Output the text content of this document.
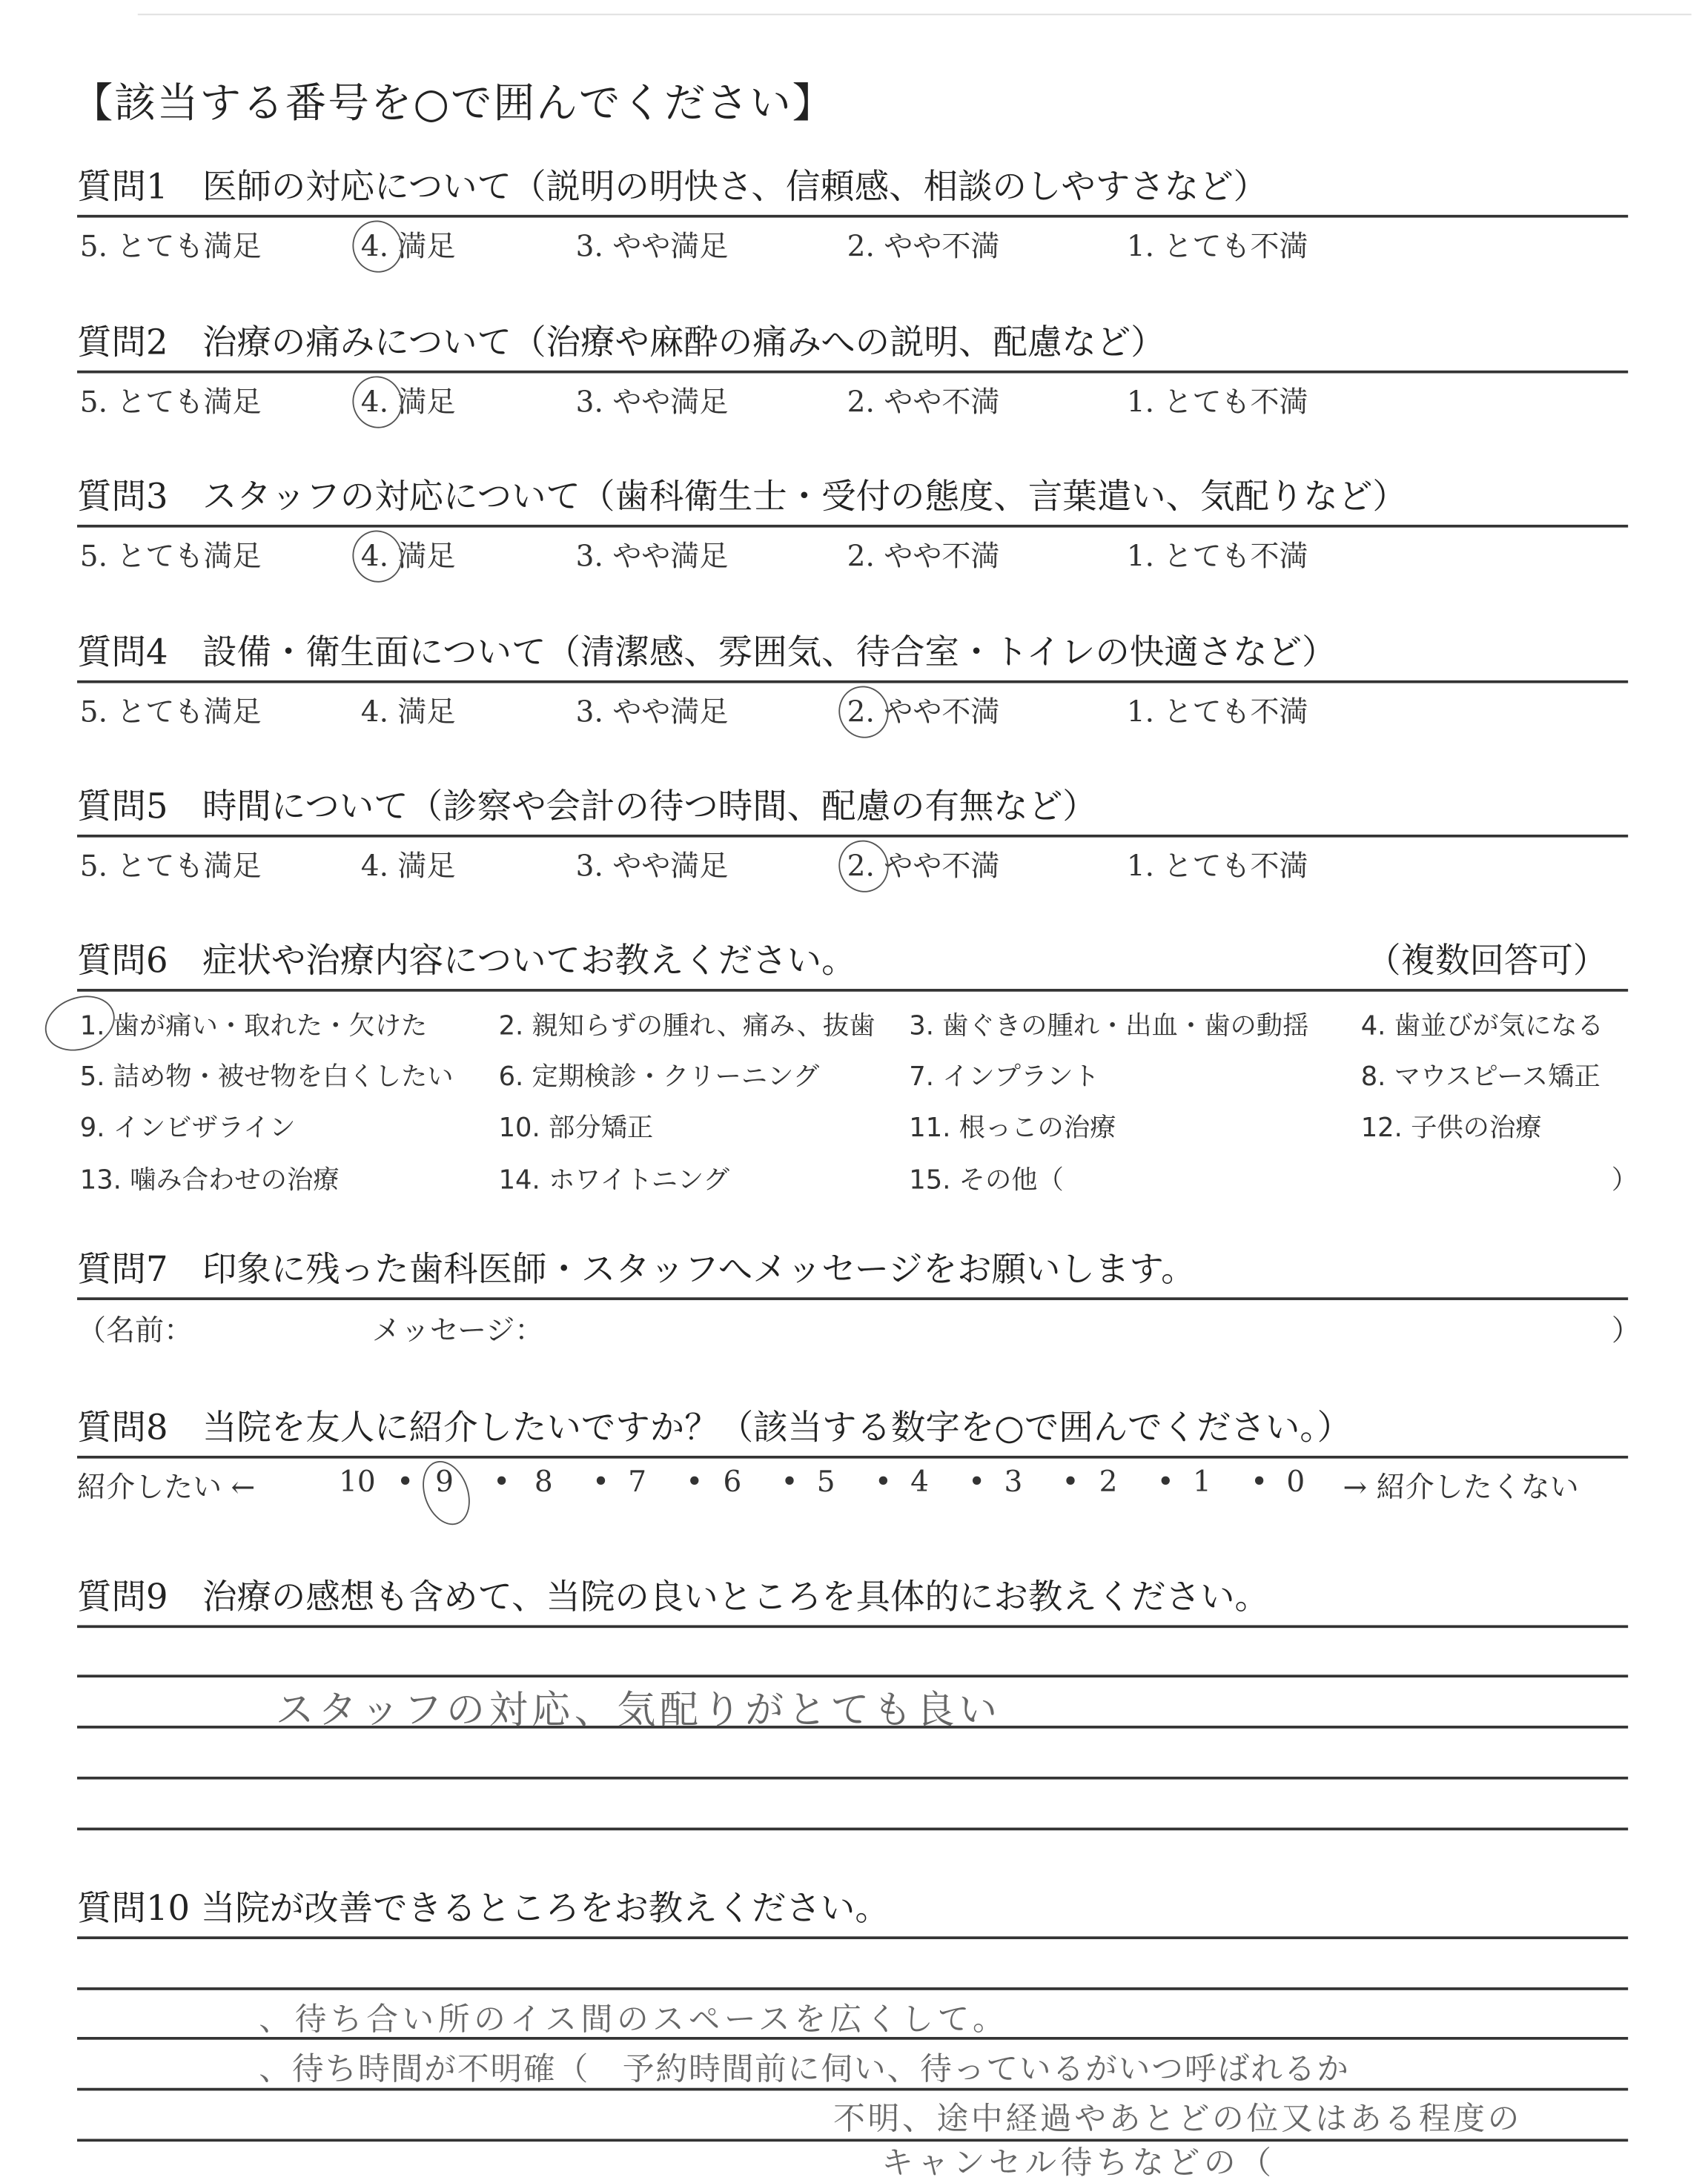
【該当する番号を○で囲んでください】
質問6　症状や治療内容についてお教えください。	（複数回答可）
）
質問7　印象に残った歯科医師・スタッフへメッセージをお願いします。
（名前：	メッセージ：	）
質問8　当院を友人に紹介したいですか？（該当する数字を○で囲んでください。）
紹介したい ←	→ 紹介したくない
質問9　治療の感想も含めて、当院の良いところを具体的にお教えください。
スタッフの対応、気配りがとても良い
質問10 当院が改善できるところをお教えください。
、待ち合い所のイス間のスペースを広くして。
、待ち時間が不明確（　予約時間前に伺い、待っているがいつ呼ばれるか
不明、途中経過やあとどの位又はある程度の
キャンセル待ちなどの（
質問1　医師の対応について（説明の明快さ、信頼感、相談のしやすさなど）
5. とても満足	4. 満足	3. やや満足	2. やや不満	1. とても不満
質問2　治療の痛みについて（治療や麻酔の痛みへの説明、配慮など）
5. とても満足	4. 満足	3. やや満足	2. やや不満	1. とても不満
質問3　スタッフの対応について（歯科衛生士・受付の態度、言葉遣い、気配りなど）
5. とても満足	4. 満足	3. やや満足	2. やや不満	1. とても不満
質問4　設備・衛生面について（清潔感、雰囲気、待合室・トイレの快適さなど）
5. とても満足	4. 満足	3. やや満足	2. やや不満	1. とても不満
質問5　時間について（診察や会計の待つ時間、配慮の有無など）
5. とても満足	4. 満足	3. やや満足	2. やや不満	1. とても不満
1. 歯が痛い・取れた・欠けた	2. 親知らずの腫れ、痛み、抜歯 3. 歯ぐきの腫れ・出血・歯の動揺	4. 歯並びが気になる
5. 詰め物・被せ物を白くしたい	6. 定期検診・クリーニング	7. インプラント	8. マウスピース矯正
9. インビザライン	10. 部分矯正	11. 根っこの治療	12. 子供の治療
13. 噛み合わせの治療	14. ホワイトニング	15. その他（
10 • 9	• 8	• 7	• 6	• 5	• 4	• 3	• 2	• 1	• 0
